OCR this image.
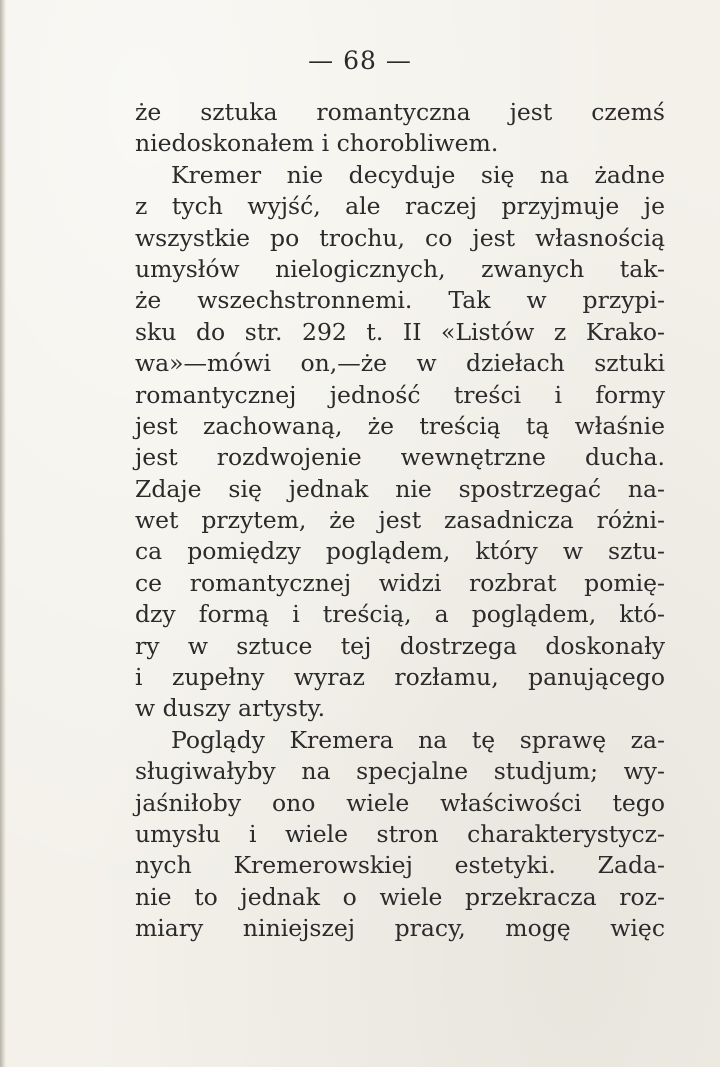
— 68 —
że sztuka romantyczna jest czemś
niedoskonałem i chorobliwem.
Kremer nie decyduje się na żadne
z tych wyjść, ale raczej przyjmuje je
wszystkie po trochu, co jest własnością
umysłów nielogicznych, zwanych tak-
że wszechstronnemi. Tak w przypi-
sku do str. 292 t. II «Listów z Krako-
wa»—mówi on,—że w dziełach sztuki
romantycznej jedność treści i formy
jest zachowaną, że treścią tą właśnie
jest rozdwojenie wewnętrzne ducha.
Zdaje się jednak nie spostrzegać na-
wet przytem, że jest zasadnicza różni-
ca pomiędzy poglądem, który w sztu-
ce romantycznej widzi rozbrat pomię-
dzy formą i treścią, a poglądem, któ-
ry w sztuce tej dostrzega doskonały
i zupełny wyraz rozłamu, panującego
w duszy artysty.
Poglądy Kremera na tę sprawę za-
sługiwałyby na specjalne studjum; wy-
jaśniłoby ono wiele właściwości tego
umysłu i wiele stron charakterystycz-
nych Kremerowskiej estetyki. Zada-
nie to jednak o wiele przekracza roz-
miary niniejszej pracy, mogę więc
